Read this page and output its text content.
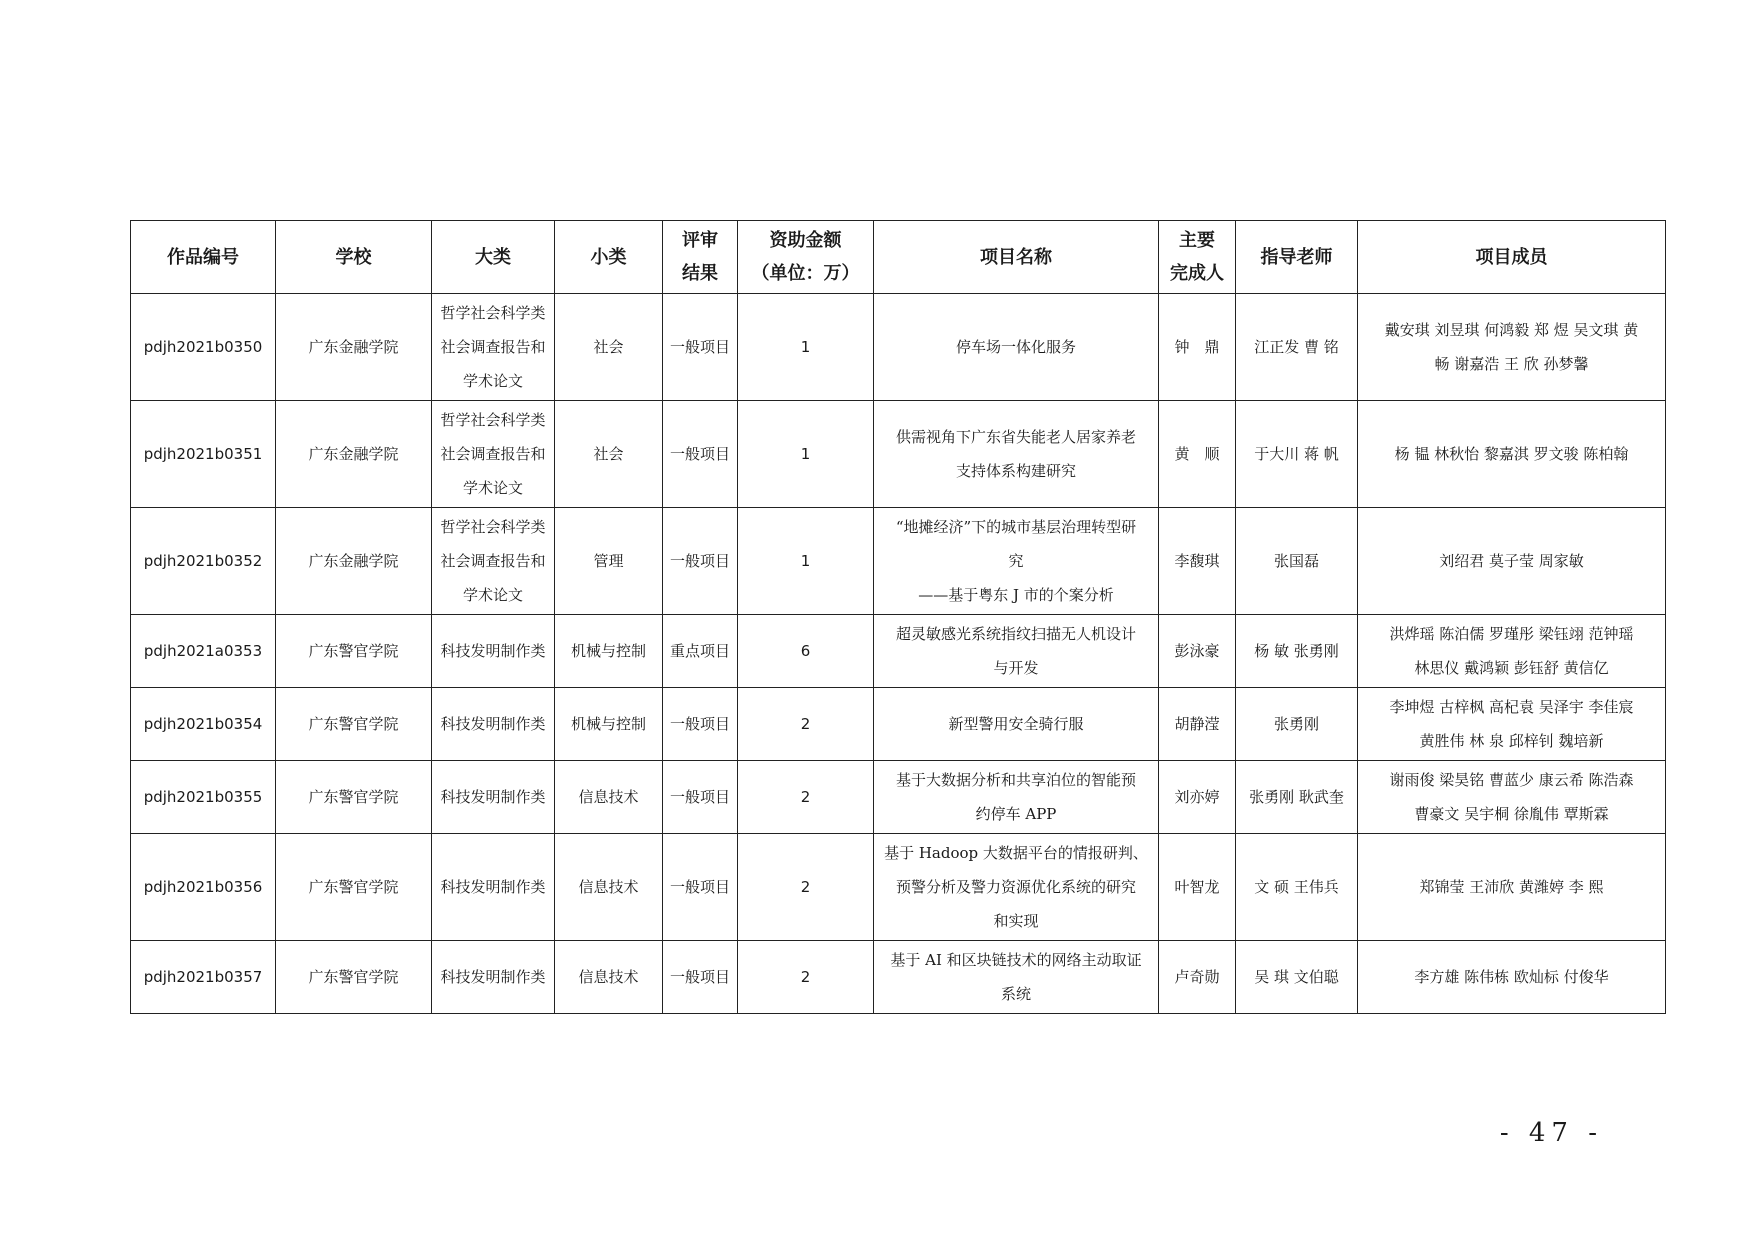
作品编号	学校	大类	小类	评审
结果	资助金额
（单位：万）	项目名称	主要
完成人	指导老师	项目成员

pdjh2021b0350	广东金融学院	哲学社会科学类
社会调查报告和
学术论文	社会	一般项目	1	停车场一体化服务	钟　鼎	江正发 曹 铭	戴安琪 刘昱琪 何鸿毅 郑 煜 吴文琪 黄
畅 谢嘉浩 王 欣 孙梦馨

pdjh2021b0351	广东金融学院	哲学社会科学类
社会调查报告和
学术论文	社会	一般项目	1	供需视角下广东省失能老人居家养老
支持体系构建研究	黄　顺	于大川 蒋 帆	杨 韫 林秋怡 黎嘉淇 罗文骏 陈柏翰

pdjh2021b0352	广东金融学院	哲学社会科学类
社会调查报告和
学术论文	管理	一般项目	1	“地摊经济”下的城市基层治理转型研
究
——基于粤东 J 市的个案分析	李馥琪	张国磊	刘绍君 莫子莹 周家敏

pdjh2021a0353	广东警官学院	科技发明制作类	机械与控制	重点项目	6	超灵敏感光系统指纹扫描无人机设计
与开发	彭泳豪	杨 敏 张勇刚	洪烨瑶 陈泊儒 罗瑾彤 梁钰翊 范钟瑶
林思仪 戴鸿颖 彭钰舒 黄信亿

pdjh2021b0354	广东警官学院	科技发明制作类	机械与控制	一般项目	2	新型警用安全骑行服	胡静滢	张勇刚	李坤煜 古梓枫 高杞袁 吴泽宇 李佳宸
黄胜伟 林 泉 邱梓钊 魏培新

pdjh2021b0355	广东警官学院	科技发明制作类	信息技术	一般项目	2	基于大数据分析和共享泊位的智能预
约停车 APP	刘亦婷	张勇刚 耿武奎	谢雨俊 梁昊铭 曹蓝少 康云希 陈浩森
曹豪文 吴宇桐 徐胤伟 覃斯霖

pdjh2021b0356	广东警官学院	科技发明制作类	信息技术	一般项目	2	基于 Hadoop 大数据平台的情报研判、
预警分析及警力资源优化系统的研究
和实现	叶智龙	文 硕 王伟兵	郑锦莹 王沛欣 黄潍婷 李 熙

pdjh2021b0357	广东警官学院	科技发明制作类	信息技术	一般项目	2	基于 AI 和区块链技术的网络主动取证
系统	卢奇勋	吴 琪 文伯聪	李方雄 陈伟栋 欧灿标 付俊华
- 47 -
